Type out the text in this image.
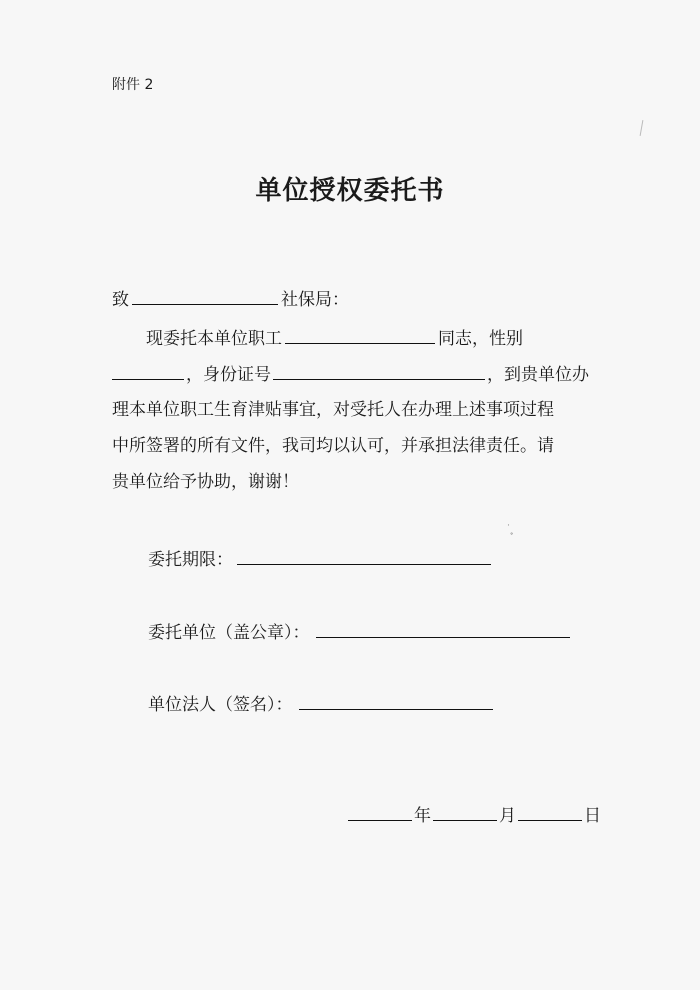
附件 2
单位授权委托书
致	社保局：
现委托本单位职工	同志，性别
，身份证号	，到贵单位办
理本单位职工生育津贴事宜，对受托人在办理上述事项过程
中所签署的所有文件，我司均以认可，并承担法律责任。请
贵单位给予协助，谢谢！
˙ ̥
委托期限：
委托单位（盖公章）：
单位法人（签名）：
年	月	日
